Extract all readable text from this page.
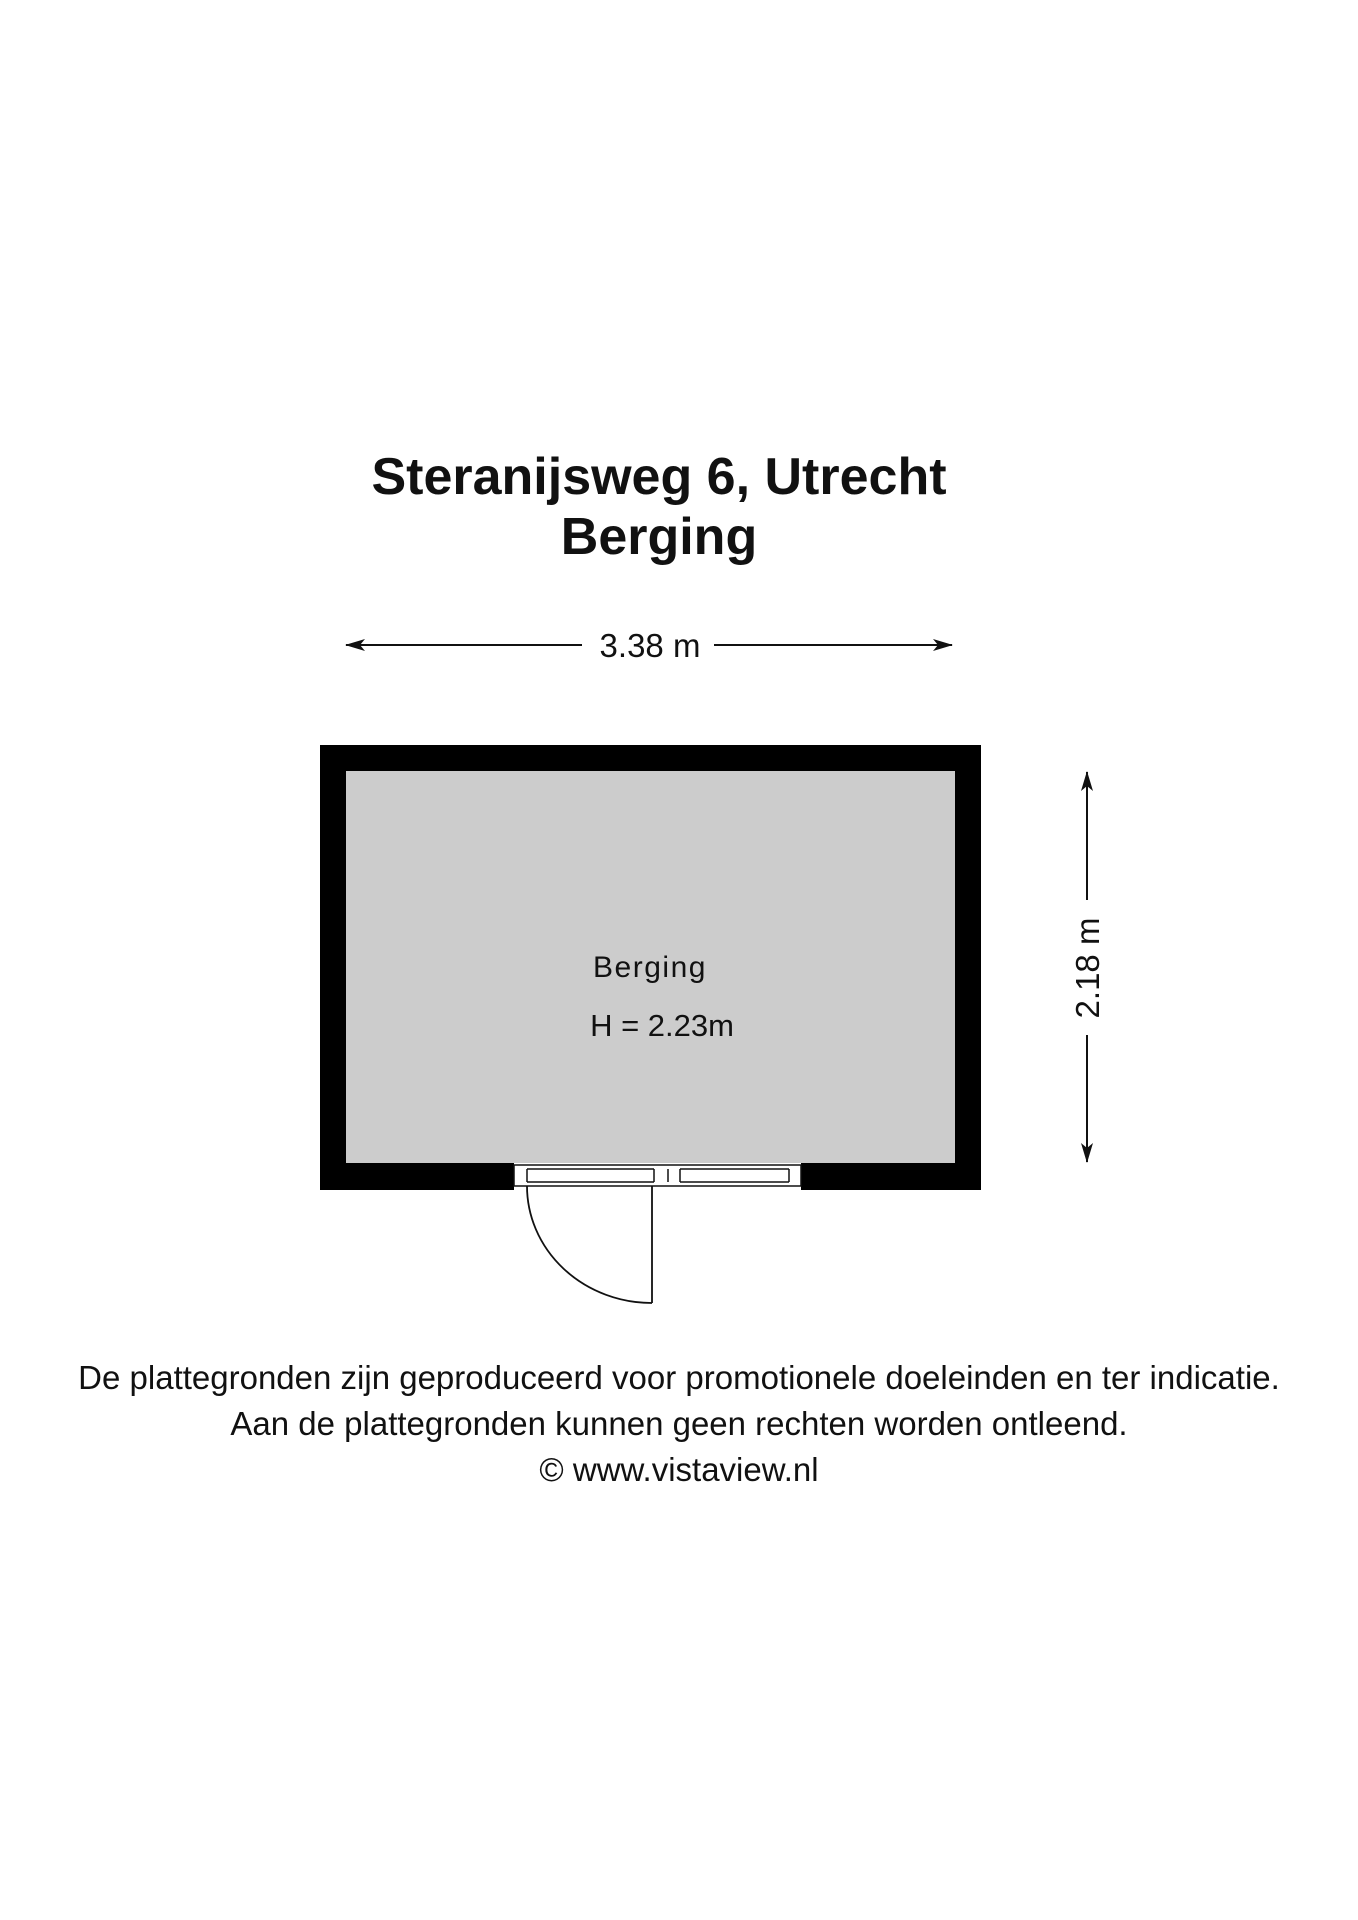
Steranijsweg 6, Utrecht
Berging
3.38 m
2.18 m
Berging
H = 2.23m
De plattegronden zijn geproduceerd voor promotionele doeleinden en ter indicatie.
Aan de plattegronden kunnen geen rechten worden ontleend.
© www.vistaview.nl
